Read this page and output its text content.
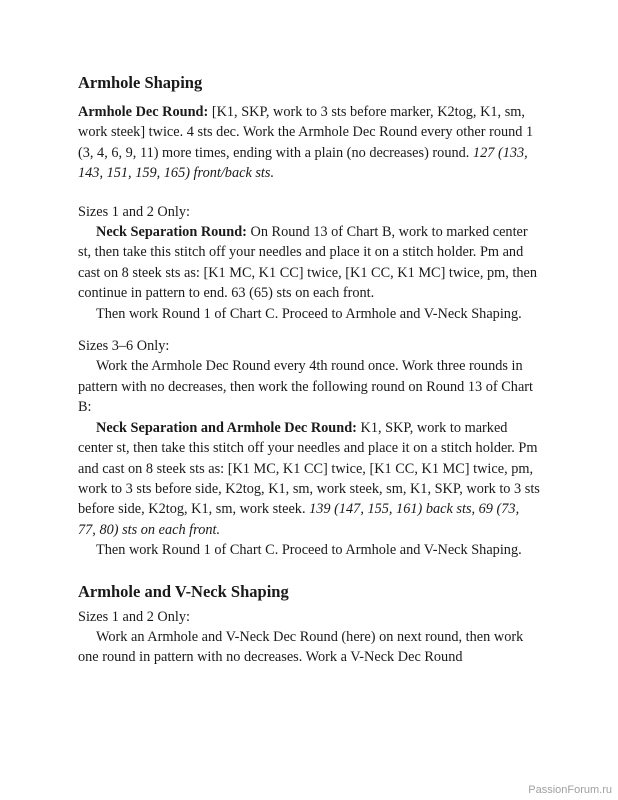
Armhole Shaping

Armhole Dec Round: [K1, SKP, work to 3 sts before marker, K2tog, K1, sm, work steek] twice. 4 sts dec. Work the Armhole Dec Round every other round 1 (3, 4, 6, 9, 11) more times, ending with a plain (no decreases) round. 127 (133, 143, 151, 159, 165) front/back sts.

Sizes 1 and 2 Only:

Neck Separation Round: On Round 13 of Chart B, work to marked center st, then take this stitch off your needles and place it on a stitch holder. Pm and cast on 8 steek sts as: [K1 MC, K1 CC] twice, [K1 CC, K1 MC] twice, pm, then continue in pattern to end. 63 (65) sts on each front.

Then work Round 1 of Chart C. Proceed to Armhole and V-Neck Shaping.

Sizes 3–6 Only:

Work the Armhole Dec Round every 4th round once. Work three rounds in pattern with no decreases, then work the following round on Round 13 of Chart B:

Neck Separation and Armhole Dec Round: K1, SKP, work to marked center st, then take this stitch off your needles and place it on a stitch holder. Pm and cast on 8 steek sts as: [K1 MC, K1 CC] twice, [K1 CC, K1 MC] twice, pm, work to 3 sts before side, K2tog, K1, sm, work steek, sm, K1, SKP, work to 3 sts before side, K2tog, K1, sm, work steek. 139 (147, 155, 161) back sts, 69 (73, 77, 80) sts on each front.

Then work Round 1 of Chart C. Proceed to Armhole and V-Neck Shaping.

Armhole and V-Neck Shaping

Sizes 1 and 2 Only:

Work an Armhole and V-Neck Dec Round (here) on next round, then work one round in pattern with no decreases. Work a V-Neck Dec Round

PassionForum.ru
